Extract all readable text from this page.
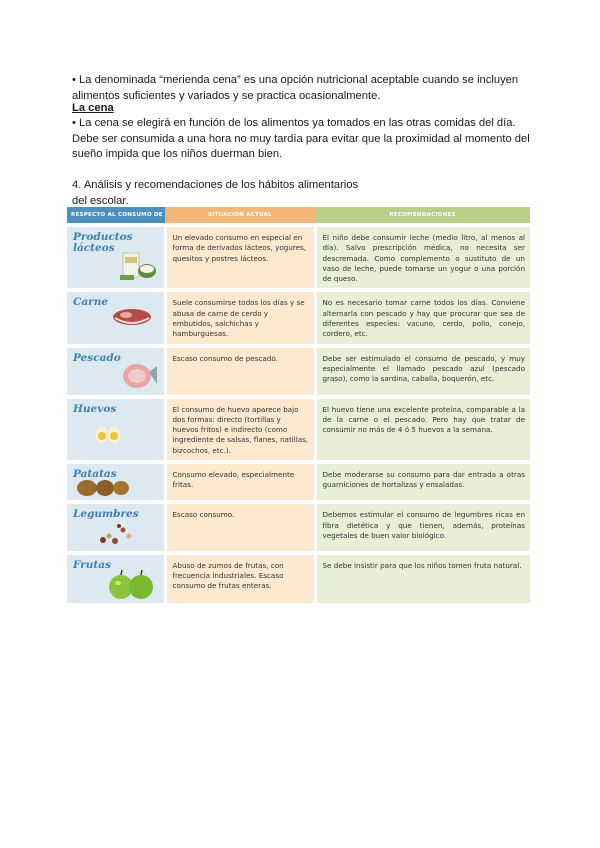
• La denominada “merienda cena” es una opción nutricional aceptable cuando se incluyen
alimentos suficientes y variados y se practica ocasionalmente.
La cena
• La cena se elegirá en función de los alimentos ya tomados en las otras comidas del día.
Debe ser consumida a una hora no muy tardía para evitar que la proximidad al momento del
sueño impida que los niños duerman bien.
4. Análisis y recomendaciones de los hábitos alimentarios
del escolar.
RESPECTO AL CONSUMO DE	SITUACIÓN ACTUAL	RECOMENDACIONES

Productos lácteos	Un elevado consumo en especial en forma de derivados lácteos, yogures, quesitos y postres lácteos.	El niño debe consumir leche (medio litro, al menos al día). Salvo prescripción médica, no necesita ser descremada. Como complemento o sustituto de un vaso de leche, puede tomarse un yogur o una porción de queso.

Carne	Suele consumirse todos los días y se abusa de carne de cerdo y embutidos, salchichas y hamburguesas.	No es necesario tomar carne todos los días. Conviene alternarla con pescado y hay que procurar que sea de diferentes especies: vacuno, cerdo, pollo, conejo, cordero, etc.

Pescado	Escaso consumo de pescado.	Debe ser estimulado el consumo de pescado, y muy especialmente el llamado pescado azul (pescado graso), como la sardina, caballa, boquerón, etc.

Huevos	El consumo de huevo aparece bajo dos formas: directo (tortillas y huevos fritos) e indirecto (como ingrediente de salsas, flanes, natillas, bizcochos, etc.).	El huevo tiene una excelente proteína, comparable a la de la carne o el pescado. Pero hay que tratar de consumir no más de 4 ó 5 huevos a la semana.

Patatas	Consumo elevado, especialmente fritas.	Debe moderarse su consumo para dar entrada a otras guarniciones de hortalizas y ensaladas.

Legumbres	Escaso consumo.	Debemos estimular el consumo de legumbres ricas en fibra dietética y que tienen, además, proteínas vegetales de buen valor biológico.

Frutas	Abuso de zumos de frutas, con frecuencia industriales. Escaso consumo de frutas enteras.	Se debe insistir para que los niños tomen fruta natural.
